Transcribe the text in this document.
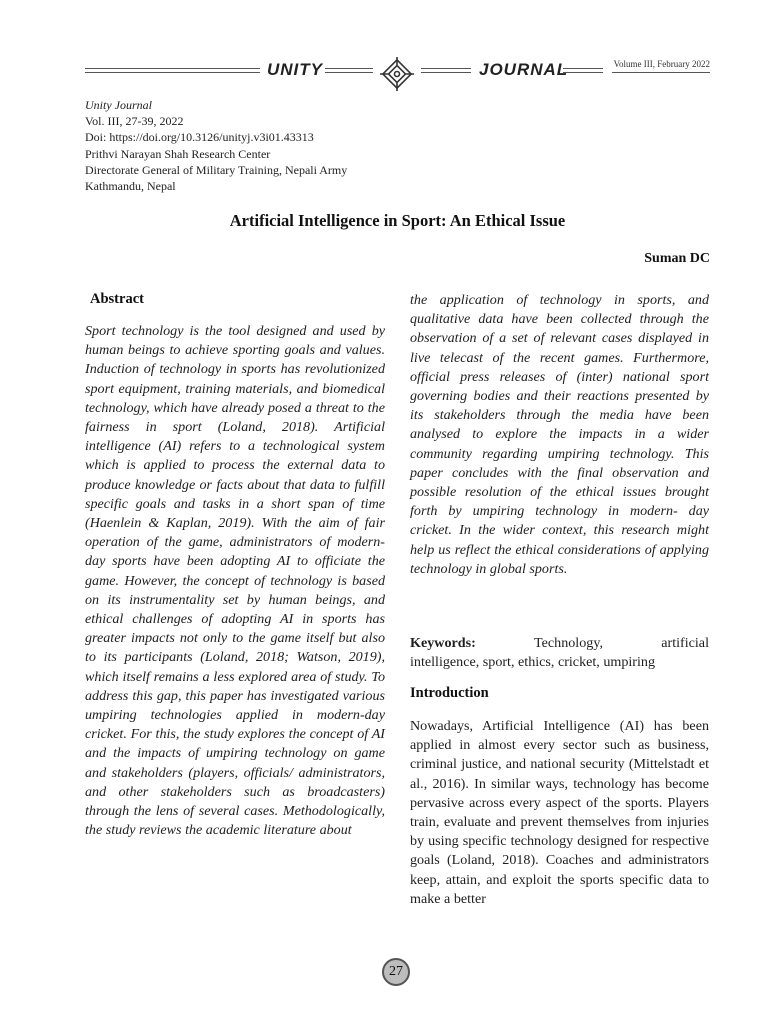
UNITY	JOURNAL	Volume III, February 2022
Unity Journal
Vol. III, 27-39, 2022
Doi: https://doi.org/10.3126/unityj.v3i01.43313
Prithvi Narayan Shah Research Center
Directorate General of Military Training, Nepali Army
Kathmandu, Nepal
Artificial Intelligence in Sport: An Ethical Issue
Suman DC
Abstract

Sport technology is the tool designed and used by human beings to achieve sporting goals and values. Induction of technology in sports has revolutionized sport equipment, training materials, and biomedical technology, which have already posed a threat to the fairness in sport (Loland, 2018). Artificial intelligence (AI) refers to a technological system which is applied to process the external data to produce knowledge or facts about that data to fulfill specific goals and tasks in a short span of time (Haenlein & Kaplan, 2019). With the aim of fair operation of the game, administrators of modern-day sports have been adopting AI to officiate the game. However, the concept of technology is based on its instrumentality set by human beings, and ethical challenges of adopting AI in sports has greater impacts not only to the game itself but also to its participants (Loland, 2018; Watson, 2019), which itself remains a less explored area of study. To address this gap, this paper has investigated various umpiring technologies applied in modern-day cricket. For this, the study explores the concept of AI and the impacts of umpiring technology on game and stakeholders (players, officials/ administrators, and other stakeholders such as broadcasters) through the lens of several cases. Methodologically, the study reviews the academic literature about

the application of technology in sports, and qualitative data have been collected through the observation of a set of relevant cases displayed in live telecast of the recent games. Furthermore, official press releases of (inter) national sport governing bodies and their reactions presented by its stakeholders through the media have been analysed to explore the impacts in a wider community regarding umpiring technology. This paper concludes with the final observation and possible resolution of the ethical issues brought forth by umpiring technology in modern- day cricket. In the wider context, this research might help us reflect the ethical considerations of applying technology in global sports.

Keywords:	Technology,	artificial
intelligence, sport, ethics, cricket, umpiring
Introduction

Nowadays, Artificial Intelligence (AI) has been applied in almost every sector such as business, criminal justice, and national security (Mittelstadt et al., 2016). In similar ways, technology has become pervasive across every aspect of the sports. Players train, evaluate and prevent themselves from injuries by using specific technology designed for respective goals (Loland, 2018). Coaches and administrators keep, attain, and exploit the sports specific data to make a better

27
